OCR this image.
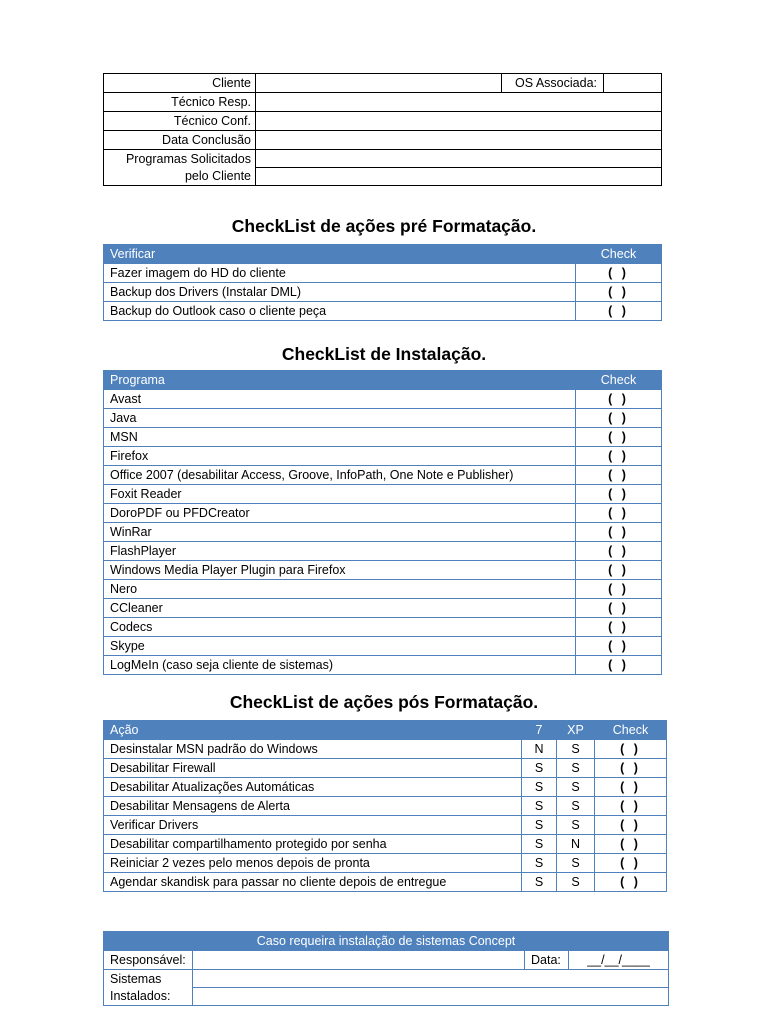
Cliente		OS Associada:	
Técnico Resp.			
Técnico Conf.			
Data Conclusão			
Programas Solicitados
pelo Cliente			
CheckList de ações pré Formatação.
Verificar	Check
Fazer imagem do HD do cliente	( )
Backup dos Drivers (Instalar DML)	( )
Backup do Outlook caso o cliente peça	( )
CheckList de Instalação.
Programa	Check
Avast	( )
Java	( )
MSN	( )
Firefox	( )
Office 2007 (desabilitar Access, Groove, InfoPath, One Note e Publisher)	( )
Foxit Reader	( )
DoroPDF ou PFDCreator	( )
WinRar	( )
FlashPlayer	( )
Windows Media Player Plugin para Firefox	( )
Nero	( )
CCleaner	( )
Codecs	( )
Skype	( )
LogMeIn (caso seja cliente de sistemas)	( )
CheckList de ações pós Formatação.
Ação	7	XP	Check
Desinstalar MSN padrão do Windows	N	S	( )
Desabilitar Firewall	S	S	( )
Desabilitar Atualizações Automáticas	S	S	( )
Desabilitar Mensagens de Alerta	S	S	( )
Verificar Drivers	S	S	( )
Desabilitar compartilhamento protegido por senha	S	N	( )
Reiniciar 2 vezes pelo menos depois de pronta	S	S	( )
Agendar skandisk para passar no cliente depois de entregue	S	S	( )
Caso requeira instalação de sistemas Concept			
Responsável:		Data:	__/__/____
Sistemas
Instalados:			
